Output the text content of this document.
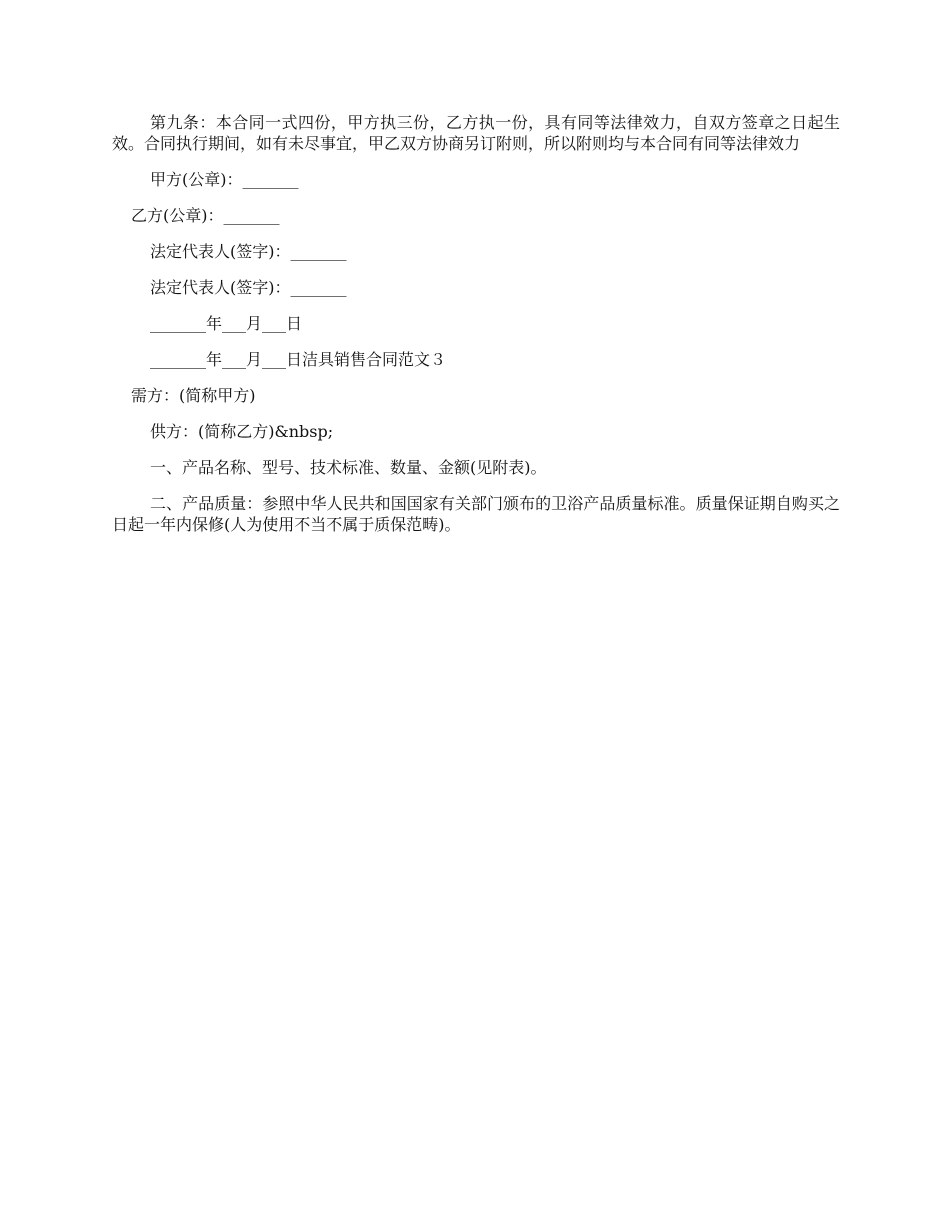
第九条：本合同一式四份，甲方执三份，乙方执一份，具有同等法律效力，自双方签章之日起生效。合同执行期间，如有未尽事宜，甲乙双方协商另订附则，所以附则均与本合同有同等法律效力

甲方(公章)：_______

乙方(公章)：_______

法定代表人(签字)：_______

法定代表人(签字)：_______

_______年___月___日

_______年___月___日洁具销售合同范文３

需方：(简称甲方)

供方：(简称乙方)&nbsp;

一、产品名称、型号、技术标准、数量、金额(见附表)。

二、产品质量：参照中华人民共和国国家有关部门颁布的卫浴产品质量标准。质量保证期自购买之日起一年内保修(人为使用不当不属于质保范畴)。
